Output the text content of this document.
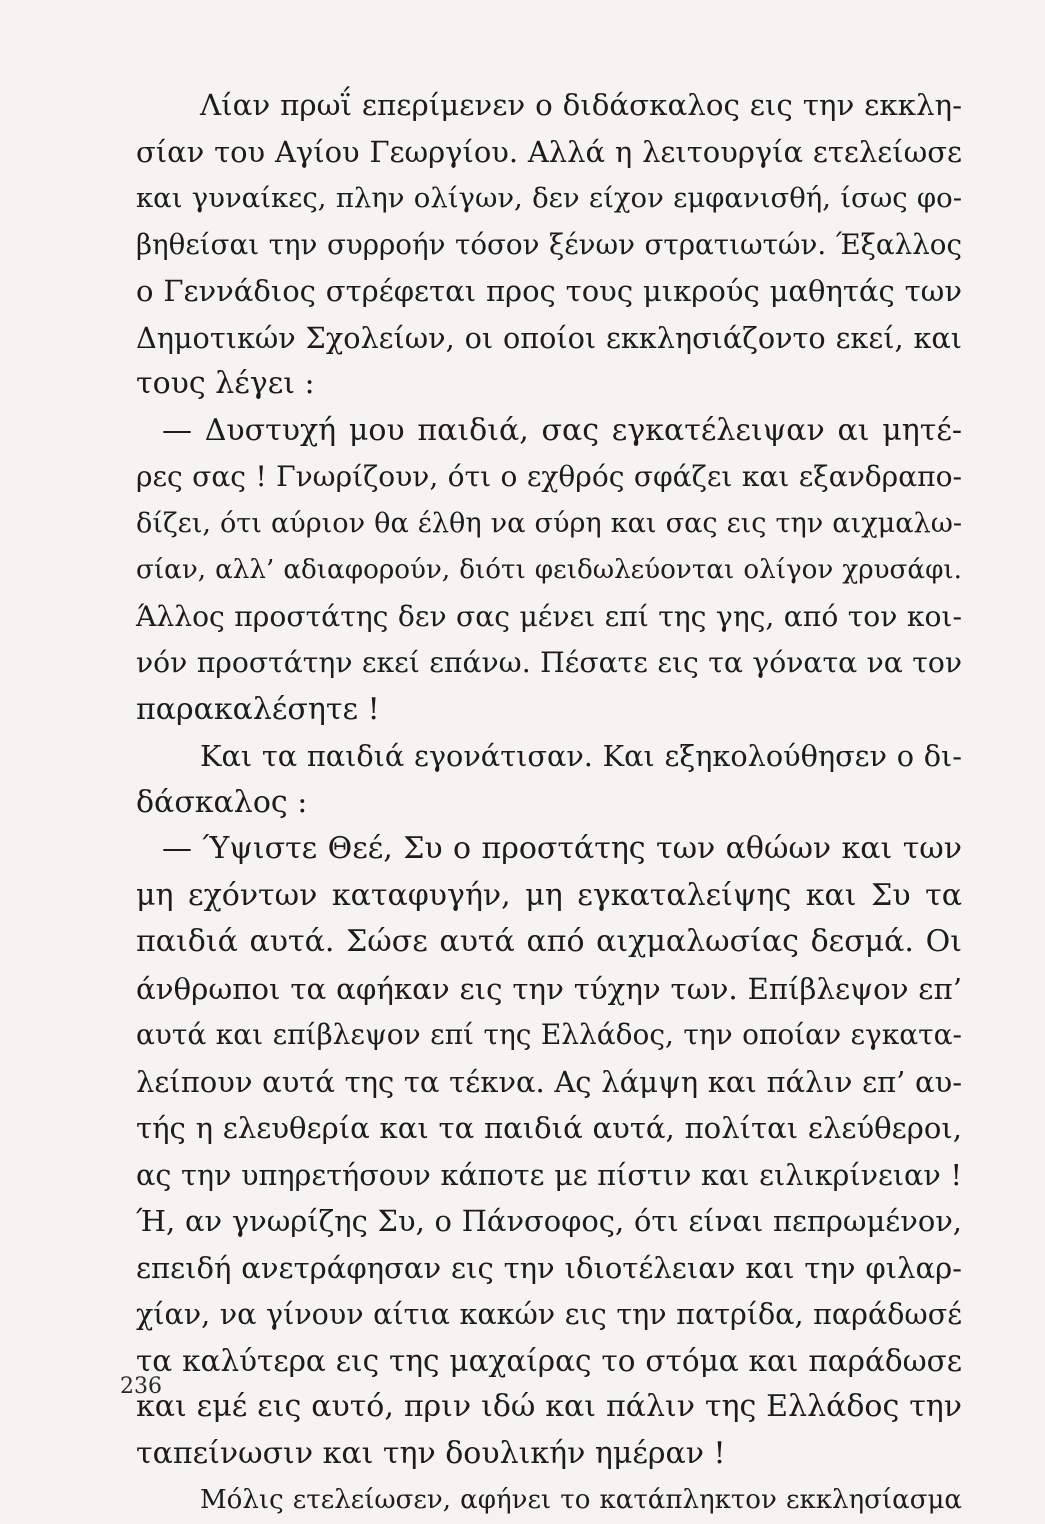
Λίαν πρωΐ επερίμενεν ο διδάσκαλος εις την εκκλη-
σίαν του Αγίου Γεωργίου. Αλλά η λειτουργία ετελείωσε
και γυναίκες, πλην ολίγων, δεν είχον εμφανισθή, ίσως φο-
βηθείσαι την συρροήν τόσον ξένων στρατιωτών. Έξαλλος
ο Γεννάδιος στρέφεται προς τους μικρούς μαθητάς των
Δημοτικών Σχολείων, οι οποίοι εκκλησιάζοντο εκεί, και
τους λέγει :
— Δυστυχή μου παιδιά, σας εγκατέλειψαν αι μητέ-
ρες σας ! Γνωρίζουν, ότι ο εχθρός σφάζει και εξανδραπο-
δίζει, ότι αύριον θα έλθη να σύρη και σας εις την αιχμαλω-
σίαν, αλλ’ αδιαφορούν, διότι φειδωλεύονται ολίγον χρυσάφι.
Άλλος προστάτης δεν σας μένει επί της γης, από τον κοι-
νόν προστάτην εκεί επάνω. Πέσατε εις τα γόνατα να τον
παρακαλέσητε !
Και τα παιδιά εγονάτισαν. Και εξηκολούθησεν ο δι-
δάσκαλος :
— Ύψιστε Θεέ, Συ ο προστάτης των αθώων και των
μη εχόντων καταφυγήν, μη εγκαταλείψης και Συ τα
παιδιά αυτά. Σώσε αυτά από αιχμαλωσίας δεσμά. Οι
άνθρωποι τα αφήκαν εις την τύχην των. Επίβλεψον επ’
αυτά και επίβλεψον επί της Ελλάδος, την οποίαν εγκατα-
λείπουν αυτά της τα τέκνα. Ας λάμψη και πάλιν επ’ αυ-
τής η ελευθερία και τα παιδιά αυτά, πολίται ελεύθεροι,
ας την υπηρετήσουν κάποτε με πίστιν και ειλικρίνειαν !
Ή, αν γνωρίζης Συ, ο Πάνσοφος, ότι είναι πεπρωμένον,
επειδή ανετράφησαν εις την ιδιοτέλειαν και την φιλαρ-
χίαν, να γίνουν αίτια κακών εις την πατρίδα, παράδωσέ
τα καλύτερα εις της μαχαίρας το στόμα και παράδωσε
και εμέ εις αυτό, πριν ιδώ και πάλιν της Ελλάδος την
ταπείνωσιν και την δουλικήν ημέραν !
Μόλις ετελείωσεν, αφήνει το κατάπληκτον εκκλησίασμα
236
